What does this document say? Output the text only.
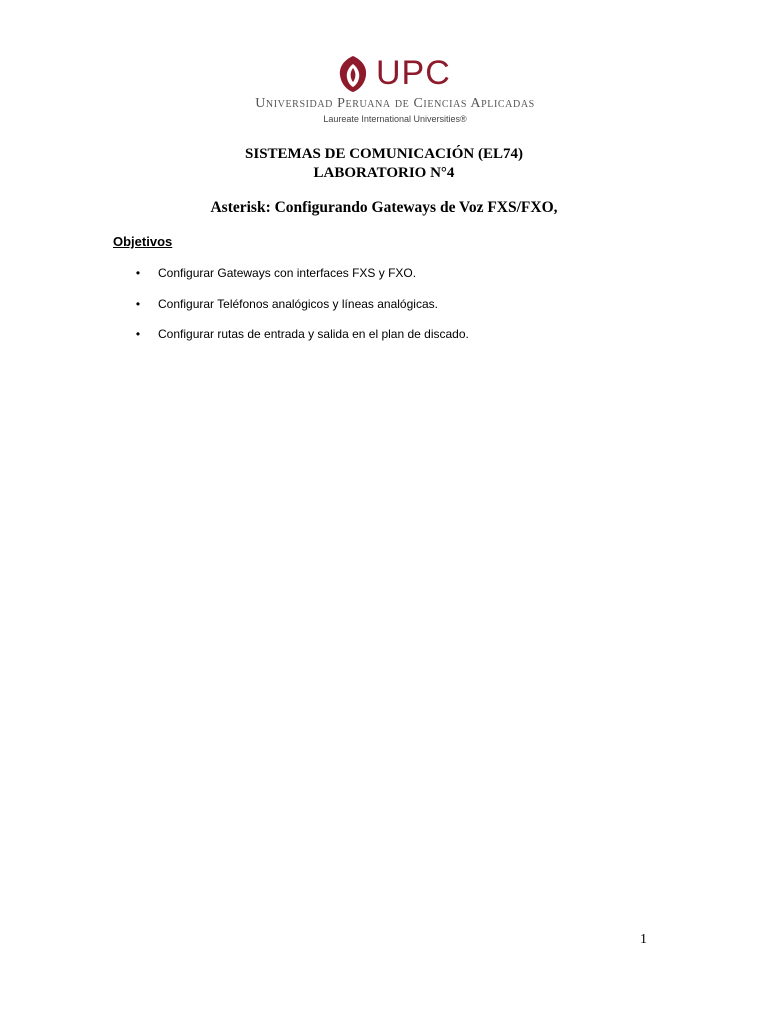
UPC
Universidad Peruana de Ciencias Aplicadas
Laureate International Universities®
SISTEMAS DE COMUNICACIÓN (EL74)
LABORATORIO N°4
Asterisk: Configurando Gateways de Voz FXS/FXO,
Objetivos
• Configurar Gateways con interfaces FXS y FXO.
• Configurar Teléfonos analógicos y líneas analógicas.
• Configurar rutas de entrada y salida en el plan de discado.
1
